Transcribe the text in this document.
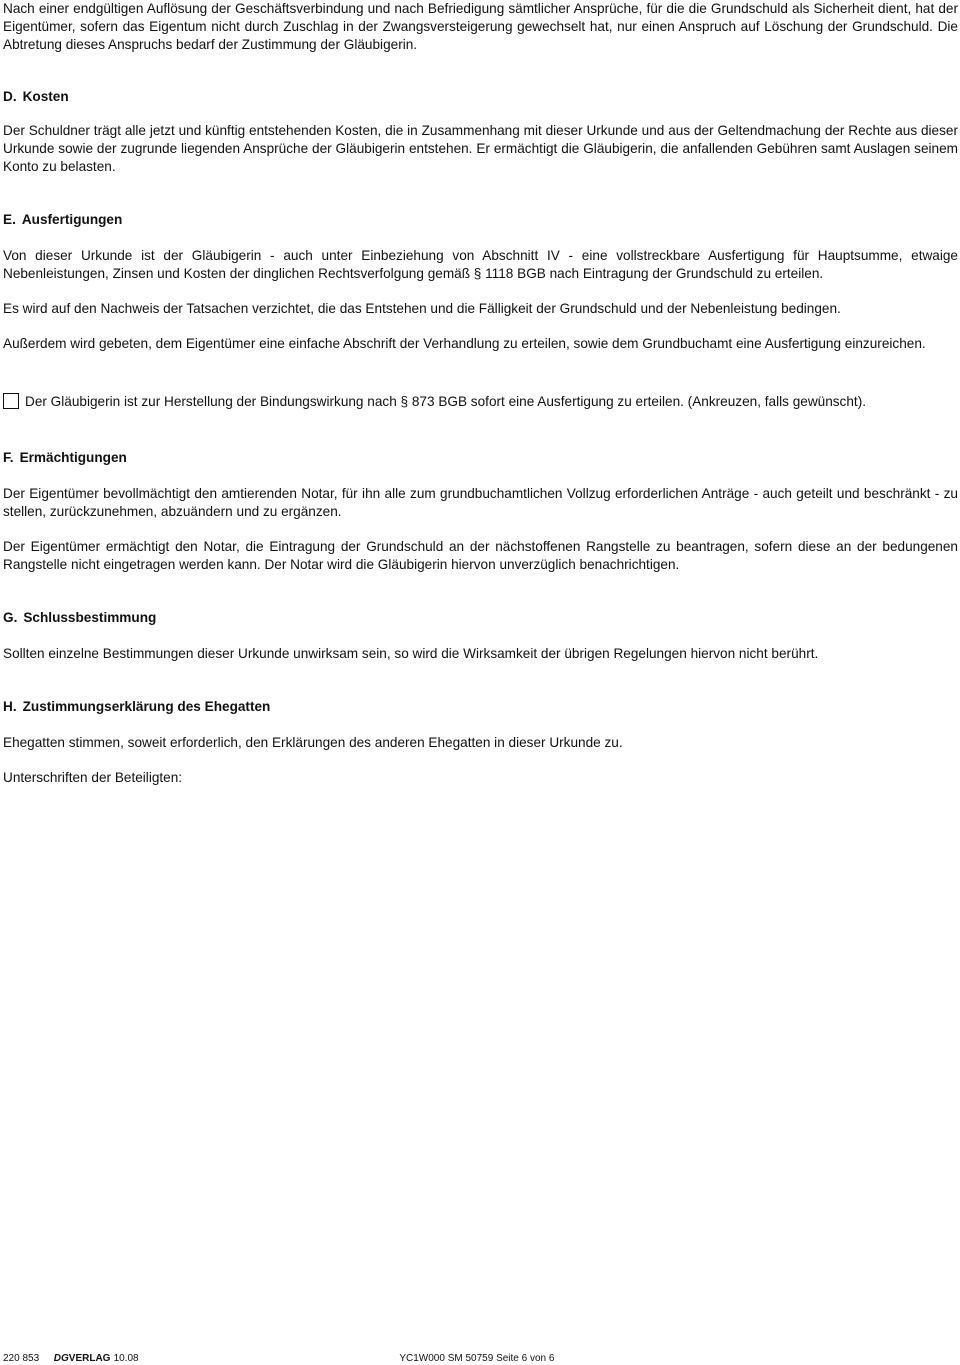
Nach einer endgültigen Auflösung der Geschäftsverbindung und nach Befriedigung sämtlicher Ansprüche, für die die Grundschuld als Sicherheit dient, hat der Eigentümer, sofern das Eigentum nicht durch Zuschlag in der Zwangsversteigerung gewechselt hat, nur einen Anspruch auf Löschung der Grundschuld. Die Abtretung dieses Anspruchs bedarf der Zustimmung der Gläubigerin.

D. Kosten

Der Schuldner trägt alle jetzt und künftig entstehenden Kosten, die in Zusammenhang mit dieser Urkunde und aus der Geltendmachung der Rechte aus dieser Urkunde sowie der zugrunde liegenden Ansprüche der Gläubigerin entstehen. Er ermächtigt die Gläubigerin, die anfallenden Gebühren samt Auslagen seinem Konto zu belasten.

E. Ausfertigungen

Von dieser Urkunde ist der Gläubigerin - auch unter Einbeziehung von Abschnitt IV - eine vollstreckbare Ausfertigung für Hauptsumme, etwaige Nebenleistungen, Zinsen und Kosten der dinglichen Rechtsverfolgung gemäß § 1118 BGB nach Eintragung der Grundschuld zu erteilen.

Es wird auf den Nachweis der Tatsachen verzichtet, die das Entstehen und die Fälligkeit der Grundschuld und der Nebenleistung bedingen.

Außerdem wird gebeten, dem Eigentümer eine einfache Abschrift der Verhandlung zu erteilen, sowie dem Grundbuchamt eine Ausfertigung einzureichen.

Der Gläubigerin ist zur Herstellung der Bindungswirkung nach § 873 BGB sofort eine Ausfertigung zu erteilen. (Ankreuzen, falls gewünscht).
F. Ermächtigungen

Der Eigentümer bevollmächtigt den amtierenden Notar, für ihn alle zum grundbuchamtlichen Vollzug erforderlichen Anträge - auch geteilt und beschränkt - zu stellen, zurückzunehmen, abzuändern und zu ergänzen.

Der Eigentümer ermächtigt den Notar, die Eintragung der Grundschuld an der nächstoffenen Rangstelle zu beantragen, sofern diese an der bedungenen Rangstelle nicht eingetragen werden kann. Der Notar wird die Gläubigerin hiervon unverzüglich benachrichtigen.

G. Schlussbestimmung

Sollten einzelne Bestimmungen dieser Urkunde unwirksam sein, so wird die Wirksamkeit der übrigen Regelungen hiervon nicht berührt.

H. Zustimmungserklärung des Ehegatten

Ehegatten stimmen, soweit erforderlich, den Erklärungen des anderen Ehegatten in dieser Urkunde zu.

Unterschriften der Beteiligten:

220 853 DGVERLAG 10.08	YC1W000 SM 50759 Seite 6 von 6
